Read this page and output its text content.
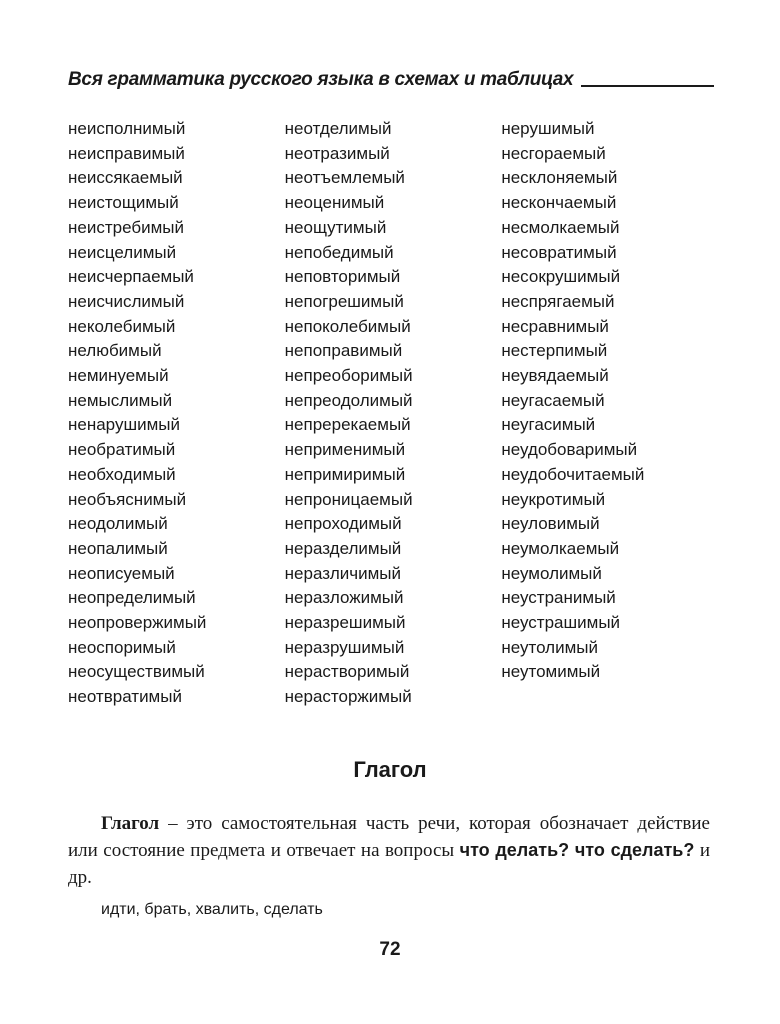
Вся грамматика русского языка в схемах и таблицах
неисполнимый
неисправимый
неиссякаемый
неистощимый
неистребимый
неисцелимый
неисчерпаемый
неисчислимый
неколебимый
нелюбимый
неминуемый
немыслимый
ненарушимый
необратимый
необходимый
необъяснимый
неодолимый
неопалимый
неописуемый
неопределимый
неопровержимый
неоспоримый
неосуществимый
неотвратимый
неотделимый
неотразимый
неотъемлемый
неоценимый
неощутимый
непобедимый
неповторимый
непогрешимый
непоколебимый
непоправимый
непреоборимый
непреодолимый
непререкаемый
неприменимый
непримиримый
непроницаемый
непроходимый
неразделимый
неразличимый
неразложимый
неразрешимый
неразрушимый
нерастворимый
нерасторжимый
нерушимый
несгораемый
несклоняемый
нескончаемый
несмолкаемый
несовратимый
несокрушимый
неспрягаемый
несравнимый
нестерпимый
неувядаемый
неугасаемый
неугасимый
неудобоваримый
неудобочитаемый
неукротимый
неуловимый
неумолкаемый
неумолимый
неустранимый
неустрашимый
неутолимый
неутомимый
Глагол

Глагол – это самостоятельная часть речи, которая обозначает действие или состояние предмета и отвечает на вопросы что делать? что сделать? и др.

идти, брать, хвалить, сделать

72
